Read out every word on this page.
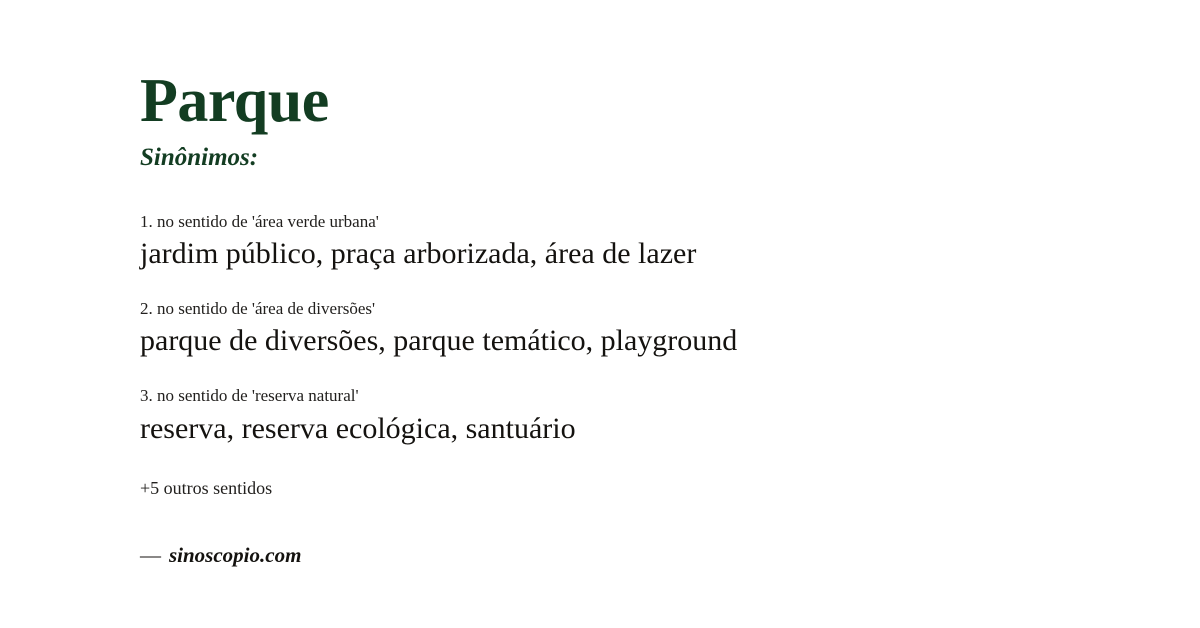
Parque
Sinônimos:

1. no sentido de 'área verde urbana'

jardim público, praça arborizada, área de lazer

2. no sentido de 'área de diversões'

parque de diversões, parque temático, playground

3. no sentido de 'reserva natural'

reserva, reserva ecológica, santuário

+5 outros sentidos

— sinoscopio.com
